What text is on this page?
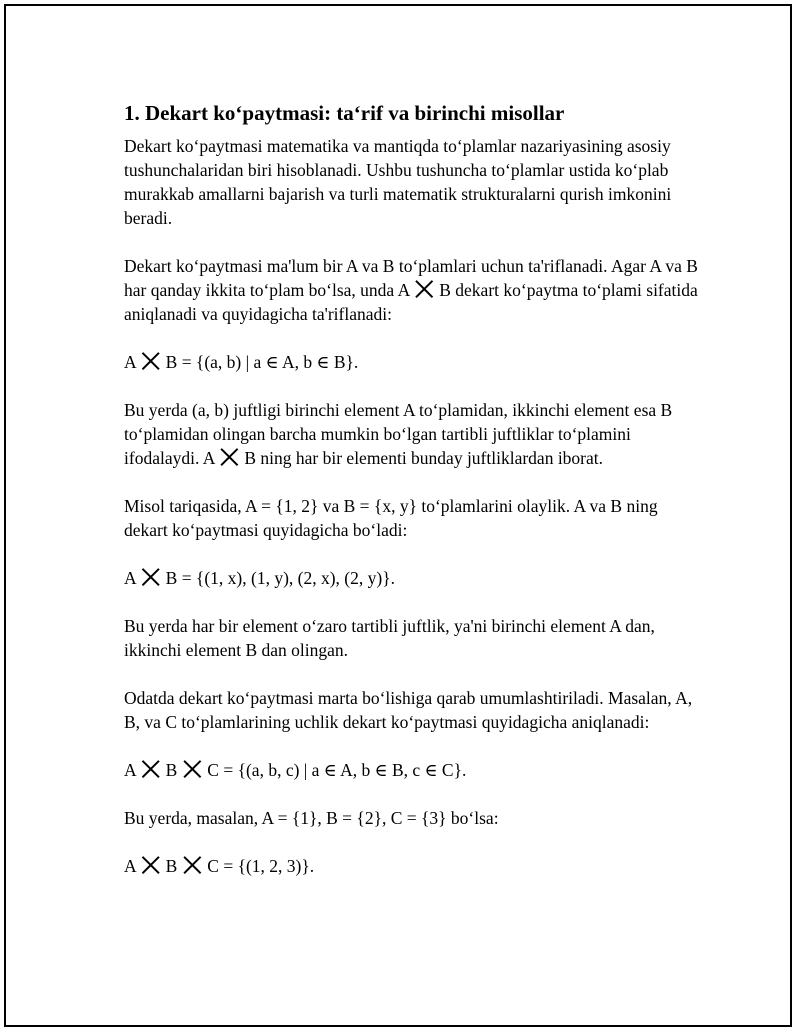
1. Dekart ko‘paytmasi: ta‘rif va birinchi misollar

Dekart ko‘paytmasi matematika va mantiqda to‘plamlar nazariyasining asosiy tushunchalaridan biri hisoblanadi. Ushbu tushuncha to‘plamlar ustida ko‘plab murakkab amallarni bajarish va turli matematik strukturalarni qurish imkonini beradi.

Dekart ko‘paytmasi ma'lum bir A va B to‘plamlari uchun ta'riflanadi. Agar A va B har qanday ikkita to‘plam bo‘lsa, unda A ⨉ B dekart ko‘paytma to‘plami sifatida aniqlanadi va quyidagicha ta'riflanadi:

A ⨉ B = {(a, b) | a ∈ A, b ∈ B}.

Bu yerda (a, b) juftligi birinchi element A to‘plamidan, ikkinchi element esa B to‘plamidan olingan barcha mumkin bo‘lgan tartibli juftliklar to‘plamini ifodalaydi. A ⨉ B ning har bir elementi bunday juftliklardan iborat.

Misol tariqasida, A = {1, 2} va B = {x, y} to‘plamlarini olaylik. A va B ning dekart ko‘paytmasi quyidagicha bo‘ladi:

A ⨉ B = {(1, x), (1, y), (2, x), (2, y)}.

Bu yerda har bir element o‘zaro tartibli juftlik, ya'ni birinchi element A dan, ikkinchi element B dan olingan.

Odatda dekart ko‘paytmasi marta bo‘lishiga qarab umumlashtiriladi. Masalan, A, B, va C to‘plamlarining uchlik dekart ko‘paytmasi quyidagicha aniqlanadi:

A ⨉ B ⨉ C = {(a, b, c) | a ∈ A, b ∈ B, c ∈ C}.

Bu yerda, masalan, A = {1}, B = {2}, C = {3} bo‘lsa:

A ⨉ B ⨉ C = {(1, 2, 3)}.
